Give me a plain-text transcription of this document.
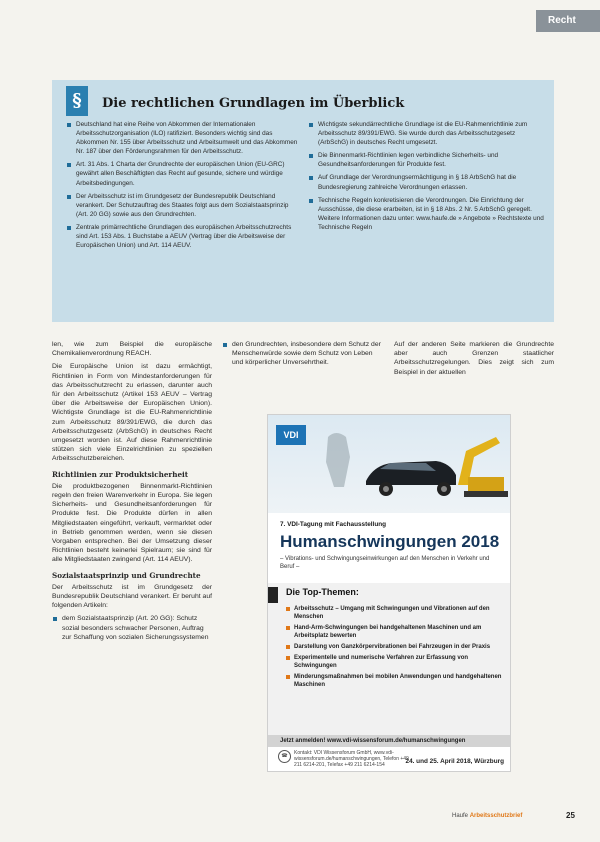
Recht
§	Die rechtlichen Grundlagen im Überblick
Deutschland hat eine Reihe von Abkommen der Internationalen Arbeitsschutzorganisation (ILO) ratifiziert. Besonders wichtig sind das Abkommen Nr. 155 über Arbeitsschutz und Arbeitsumwelt und das Abkommen Nr. 187 über den Förderungsrahmen für den Arbeitsschutz.
Art. 31 Abs. 1 Charta der Grundrechte der europäischen Union (EU-GRC) gewährt allen Beschäftigten das Recht auf gesunde, sichere und würdige Arbeitsbedingungen.
Der Arbeitsschutz ist im Grundgesetz der Bundesrepublik Deutschland verankert. Der Schutzauftrag des Staates folgt aus dem Sozialstaatsprinzip (Art. 20 GG) sowie aus den Grundrechten.
Zentrale primärrechtliche Grundlagen des europäischen Arbeitsschutzrechts sind Art. 153 Abs. 1 Buchstabe a AEUV (Vertrag über die Arbeitsweise der Europäischen Union) und Art. 114 AEUV.
Wichtigste sekundärrechtliche Grundlage ist die EU-Rahmenrichtlinie zum Arbeitsschutz 89/391/EWG. Sie wurde durch das Arbeitsschutzgesetz (ArbSchG) in deutsches Recht umgesetzt.
Die Binnenmarkt-Richtlinien legen verbindliche Sicherheits- und Gesundheitsanforderungen für Produkte fest.
Auf Grundlage der Verordnungsermächtigung in § 18 ArbSchG hat die Bundesregierung zahlreiche Verordnungen erlassen.
Technische Regeln konkretisieren die Verordnungen. Die Einrichtung der Ausschüsse, die diese erarbeiten, ist in § 18 Abs. 2 Nr. 5 ArbSchG geregelt. Weitere Informationen dazu unter: www.haufe.de » Angebote » Rechtstexte und Technische Regeln

len, wie zum Beispiel die europäische Chemikalienverordnung REACH.

Die Europäische Union ist dazu ermächtigt, Richtlinien in Form von Mindestanforderungen für das Arbeitsschutzrecht zu erlassen, darunter auch für den Arbeitsschutz (Artikel 153 AEUV – Vertrag über die Arbeitsweise der Europäischen Union). Wichtigste Grundlage ist die EU-Rahmenrichtlinie zum Arbeitsschutz 89/391/EWG, die durch das Arbeitsschutzgesetz (ArbSchG) in deutsches Recht umgesetzt worden ist. Auf diese Rahmenrichtlinie stützen sich viele Einzelrichtlinien zu speziellen Arbeitsschutzbereichen.

Richtlinien zur Produktsicherheit

Die produktbezogenen Binnenmarkt-Richtlinien regeln den freien Warenverkehr in Europa. Sie legen Sicherheits- und Gesundheitsanforderungen für Produkte fest. Die Produkte dürfen in allen Mitgliedstaaten eingeführt, verkauft, vermarktet oder in Betrieb genommen werden, wenn sie diesen Vorgaben entsprechen. Bei der Umsetzung dieser Richtlinien besteht keinerlei Spielraum; sie sind für alle Mitgliedstaaten zwingend (Art. 114 AEUV).

Sozialstaatsprinzip und Grundrechte

Der Arbeitsschutz ist im Grundgesetz der Bundesrepublik Deutschland verankert. Er beruht auf folgenden Artikeln:

dem Sozialstaatsprinzip (Art. 20 GG): Schutz sozial besonders schwacher Personen, Auftrag zur Schaffung von sozialen Sicherungssystemen
den Grundrechten, insbesondere dem Schutz der Menschenwürde sowie dem Schutz von Leben und körperlicher Unversehrtheit.

Auf der anderen Seite markieren die Grundrechte aber auch Grenzen staatlicher Arbeitsschutzregelungen. Dies zeigt sich zum Beispiel in der aktuellen

VDI
7. VDI-Tagung mit Fachausstellung
Humanschwingungen 2018
– Vibrations- und Schwingungseinwirkungen auf den Menschen in Verkehr und Beruf –
Die Top-Themen:
Arbeitsschutz – Umgang mit Schwingungen und Vibrationen auf den Menschen
Hand-Arm-Schwingungen bei handgehaltenen Maschinen und am Arbeitsplatz bewerten
Darstellung von Ganzkörpervibrationen bei Fahrzeugen in der Praxis
Experimentelle und numerische Verfahren zur Erfassung von Schwingungen
Minderungsmaßnahmen bei mobilen Anwendungen und handgehaltenen Maschinen
Jetzt anmelden! www.vdi-wissensforum.de/humanschwingungen
☎	Kontakt: VDI Wissensforum GmbH, www.vdi-wissensforum.de/humanschwingungen, Telefon +49 211 6214-201, Telefax +49 211 6214-154	24. und 25. April 2018, Würzburg
Haufe Arbeitsschutzbrief	25
